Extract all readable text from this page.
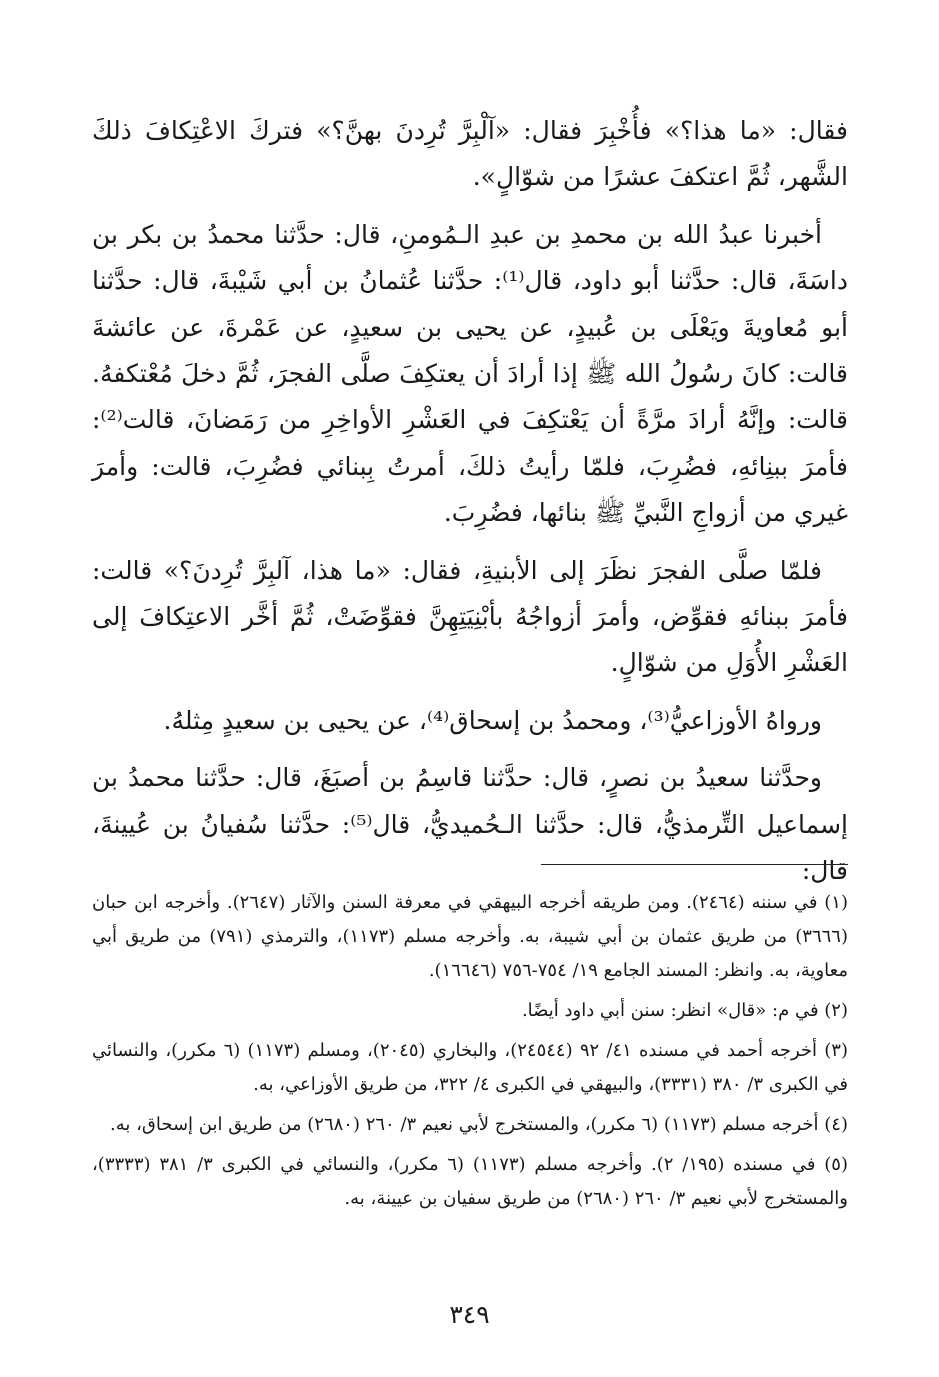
فقال: «ما هذا؟» فأُخْبِرَ فقال: «آلْبِرَّ تُرِدنَ بهنَّ؟» فتركَ الاعْتِكافَ ذلكَ الشَّهر، ثُمَّ اعتكفَ عشرًا من شوّالٍ».

أخبرنا عبدُ الله بن محمدِ بن عبدِ الـمُومنِ، قال: حدَّثنا محمدُ بن بكر بن داسَةَ، قال: حدَّثنا أبو داود، قال⁽¹⁾: حدَّثنا عُثمانُ بن أبي شَيْبةَ، قال: حدَّثنا أبو مُعاويةَ ويَعْلَى بن عُبيدٍ، عن يحيى بن سعيدٍ، عن عَمْرةَ، عن عائشةَ قالت: كانَ رسُولُ الله ﷺ إذا أرادَ أن يعتكِفَ صلَّى الفجرَ، ثُمَّ دخلَ مُعْتكفهُ. قالت: وإنَّهُ أرادَ مرَّةً أن يَعْتكِفَ في العَشْرِ الأواخِرِ من رَمَضانَ، قالت⁽²⁾: فأمرَ ببنِائهِ، فضُرِبَ، فلمّا رأيتُ ذلكَ، أمرتُ بِبنائي فضُرِبَ، قالت: وأمرَ غيري من أزواجِ النَّبيِّ ﷺ بنائها، فضُرِبَ.

فلمّا صلَّى الفجرَ نظَرَ إلى الأبنيةِ، فقال: «ما هذا، آلبِرَّ تُرِدنَ؟» قالت: فأمرَ ببنائهِ فقوِّض، وأمرَ أزواجُهُ بأبْنِيَتِهِنَّ فقوِّضَتْ، ثُمَّ أخَّر الاعتِكافَ إلى العَشْرِ الأُوَلِ من شوّالٍ.

ورواهُ الأوزاعيُّ⁽³⁾، ومحمدُ بن إسحاق⁽⁴⁾، عن يحيى بن سعيدٍ مِثلهُ.

وحدَّثنا سعيدُ بن نصرٍ، قال: حدَّثنا قاسِمُ بن أصبَغَ، قال: حدَّثنا محمدُ بن إسماعيل التِّرمذيُّ، قال: حدَّثنا الـحُميديُّ، قال⁽⁵⁾: حدَّثنا سُفيانُ بن عُيينةَ، قال:

(١) في سننه (٢٤٦٤). ومن طريقه أخرجه البيهقي في معرفة السنن والآثار (٢٦٤٧). وأخرجه ابن حبان (٣٦٦٦) من طريق عثمان بن أبي شيبة، به. وأخرجه مسلم (١١٧٣)، والترمذي (٧٩١) من طريق أبي معاوية، به. وانظر: المسند الجامع ١٩/ ٧٥٤-٧٥٦ (١٦٦٤٦).

(٢) في م: «قال» انظر: سنن أبي داود أيضًا.

(٣) أخرجه أحمد في مسنده ٤١/ ٩٢ (٢٤٥٤٤)، والبخاري (٢٠٤٥)، ومسلم (١١٧٣) (٦ مكرر)، والنسائي في الكبرى ٣/ ٣٨٠ (٣٣٣١)، والبيهقي في الكبرى ٤/ ٣٢٢، من طريق الأوزاعي، به.

(٤) أخرجه مسلم (١١٧٣) (٦ مكرر)، والمستخرج لأبي نعيم ٣/ ٢٦٠ (٢٦٨٠) من طريق ابن إسحاق، به.

(٥) في مسنده (١٩٥/ ٢). وأخرجه مسلم (١١٧٣) (٦ مكرر)، والنسائي في الكبرى ٣/ ٣٨١ (٣٣٣٣)، والمستخرج لأبي نعيم ٣/ ٢٦٠ (٢٦٨٠) من طريق سفيان بن عيينة، به.

٣٤٩
